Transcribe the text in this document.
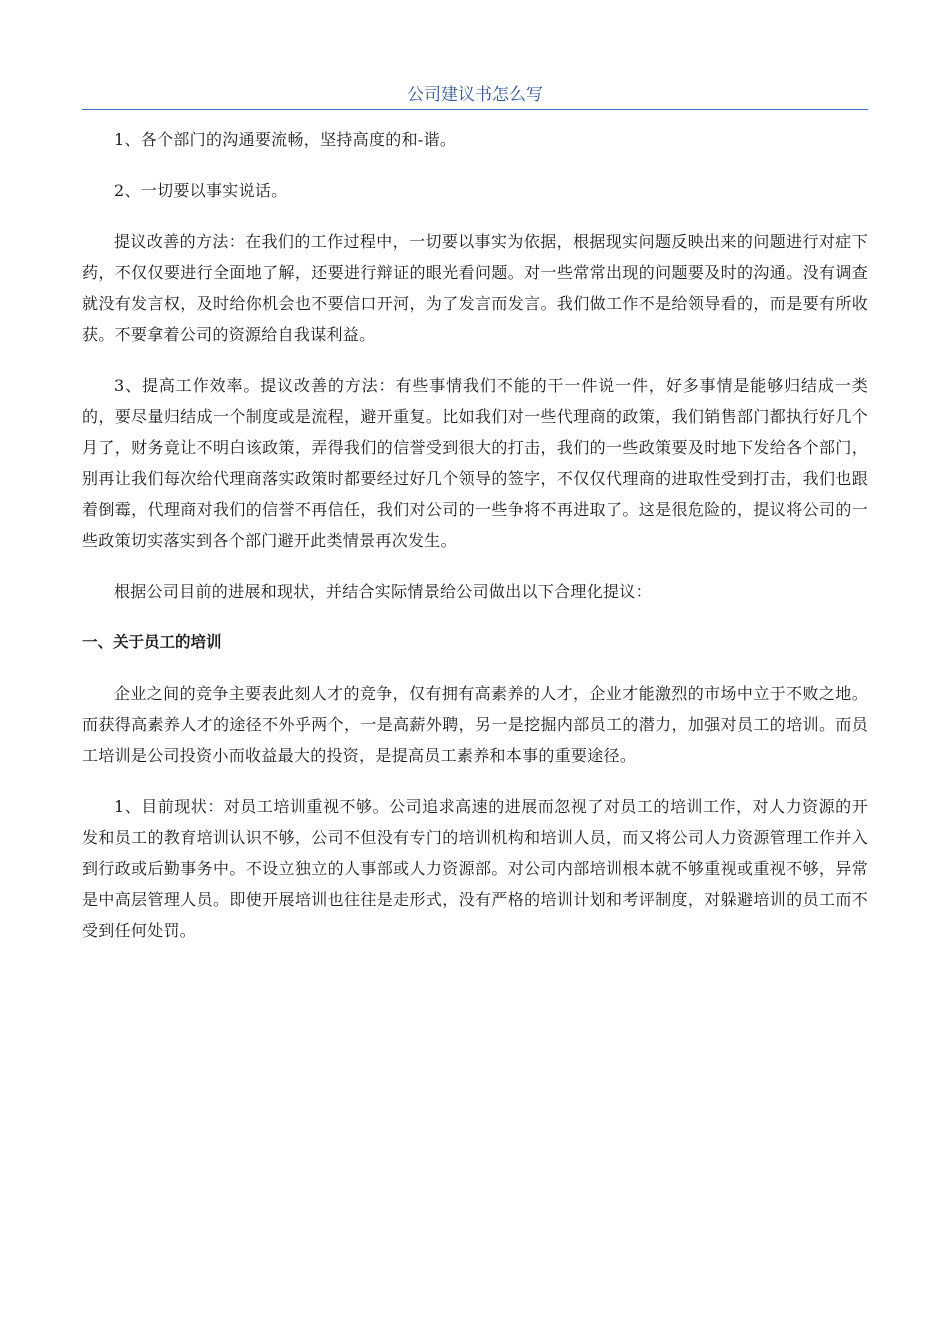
公司建议书怎么写

1、各个部门的沟通要流畅，坚持高度的和-谐。

2、一切要以事实说话。

提议改善的方法：在我们的工作过程中，一切要以事实为依据，根据现实问题反映出来的问题进行对症下药，不仅仅要进行全面地了解，还要进行辩证的眼光看问题。对一些常常出现的问题要及时的沟通。没有调查就没有发言权，及时给你机会也不要信口开河，为了发言而发言。我们做工作不是给领导看的，而是要有所收获。不要拿着公司的资源给自我谋利益。

3、提高工作效率。提议改善的方法：有些事情我们不能的干一件说一件，好多事情是能够归结成一类的，要尽量归结成一个制度或是流程，避开重复。比如我们对一些代理商的政策，我们销售部门都执行好几个月了，财务竟让不明白该政策，弄得我们的信誉受到很大的打击，我们的一些政策要及时地下发给各个部门，别再让我们每次给代理商落实政策时都要经过好几个领导的签字，不仅仅代理商的进取性受到打击，我们也跟着倒霉，代理商对我们的信誉不再信任，我们对公司的一些争将不再进取了。这是很危险的，提议将公司的一些政策切实落实到各个部门避开此类情景再次发生。

根据公司目前的进展和现状，并结合实际情景给公司做出以下合理化提议：

一、关于员工的培训

企业之间的竞争主要表此刻人才的竞争，仅有拥有高素养的人才，企业才能激烈的市场中立于不败之地。而获得高素养人才的途径不外乎两个，一是高薪外聘，另一是挖掘内部员工的潜力，加强对员工的培训。而员工培训是公司投资小而收益最大的投资，是提高员工素养和本事的重要途径。

1、目前现状：对员工培训重视不够。公司追求高速的进展而忽视了对员工的培训工作，对人力资源的开发和员工的教育培训认识不够，公司不但没有专门的培训机构和培训人员，而又将公司人力资源管理工作并入到行政或后勤事务中。不设立独立的人事部或人力资源部。对公司内部培训根本就不够重视或重视不够，异常是中高层管理人员。即使开展培训也往往是走形式，没有严格的培训计划和考评制度，对躲避培训的员工而不受到任何处罚。
